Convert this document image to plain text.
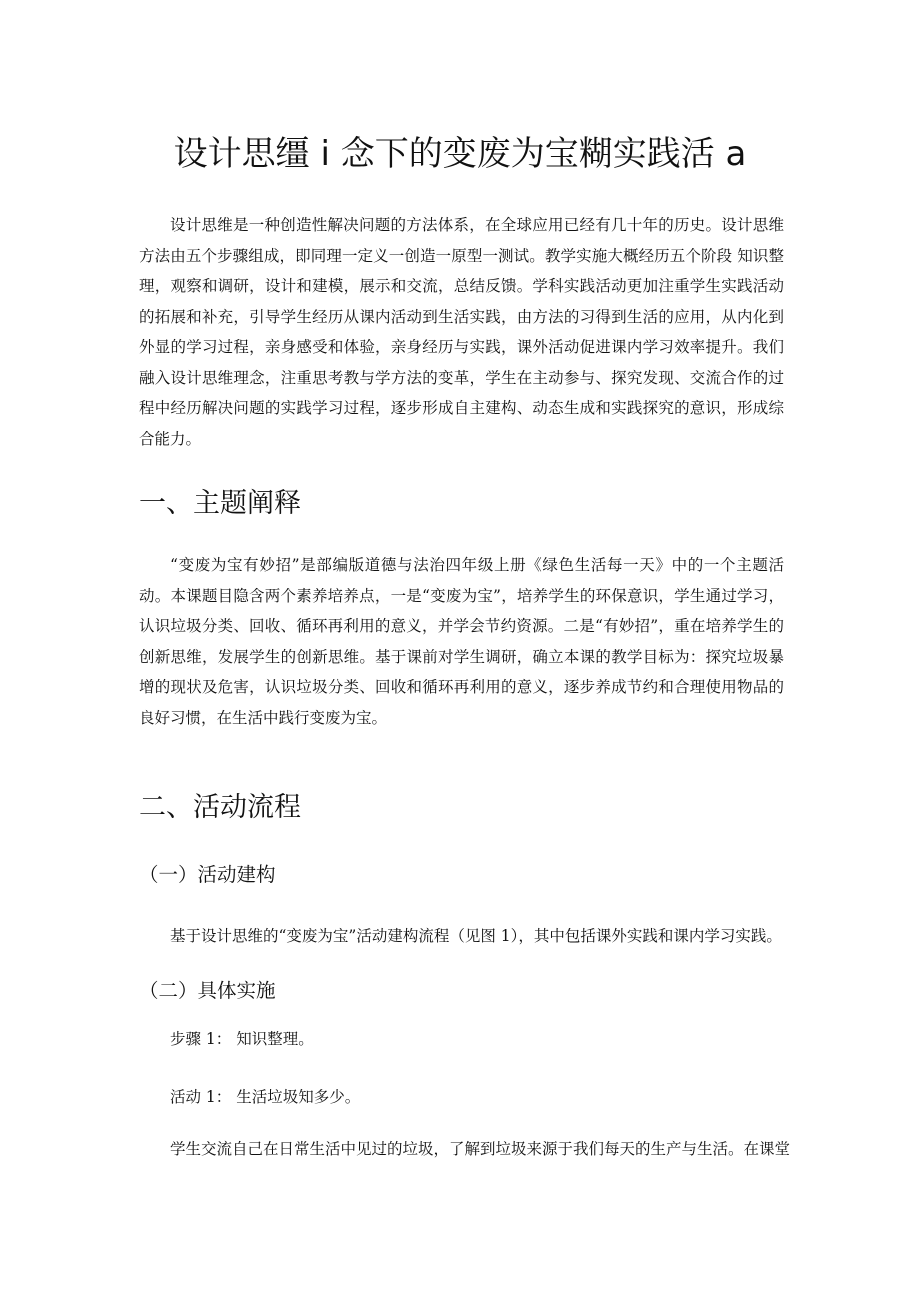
设计思缰 i 念下的变废为宝糊实践活 a

设计思维是一种创造性解决问题的方法体系，在全球应用已经有几十年的历史。设计思维方法由五个步骤组成，即同理一定义一创造一原型一测试。教学实施大概经历五个阶段 知识整理，观察和调研，设计和建模，展示和交流，总结反馈。学科实践活动更加注重学生实践活动的拓展和补充，引导学生经历从课内活动到生活实践，由方法的习得到生活的应用，从内化到外显的学习过程，亲身感受和体验，亲身经历与实践，课外活动促进课内学习效率提升。我们融入设计思维理念，注重思考教与学方法的变革，学生在主动参与、探究发现、交流合作的过程中经历解决问题的实践学习过程，逐步形成自主建构、动态生成和实践探究的意识，形成综合能力。

一、主题阐释

“变废为宝有妙招”是部编版道德与法治四年级上册《绿色生活每一天》中的一个主题活动。本课题目隐含两个素养培养点，一是“变废为宝”，培养学生的环保意识，学生通过学习，认识垃圾分类、回收、循环再利用的意义，并学会节约资源。二是“有妙招”，重在培养学生的创新思维，发展学生的创新思维。基于课前对学生调研，确立本课的教学目标为：探究垃圾暴增的现状及危害，认识垃圾分类、回收和循环再利用的意义，逐步养成节约和合理使用物品的良好习惯，在生活中践行变废为宝。

二、活动流程
（一）活动建构

基于设计思维的“变废为宝”活动建构流程（见图 1），其中包括课外实践和课内学习实践。

（二）具体实施

步骤 1： 知识整理。

活动 1： 生活垃圾知多少。

学生交流自己在日常生活中见过的垃圾，了解到垃圾来源于我们每天的生产与生活。在课堂
